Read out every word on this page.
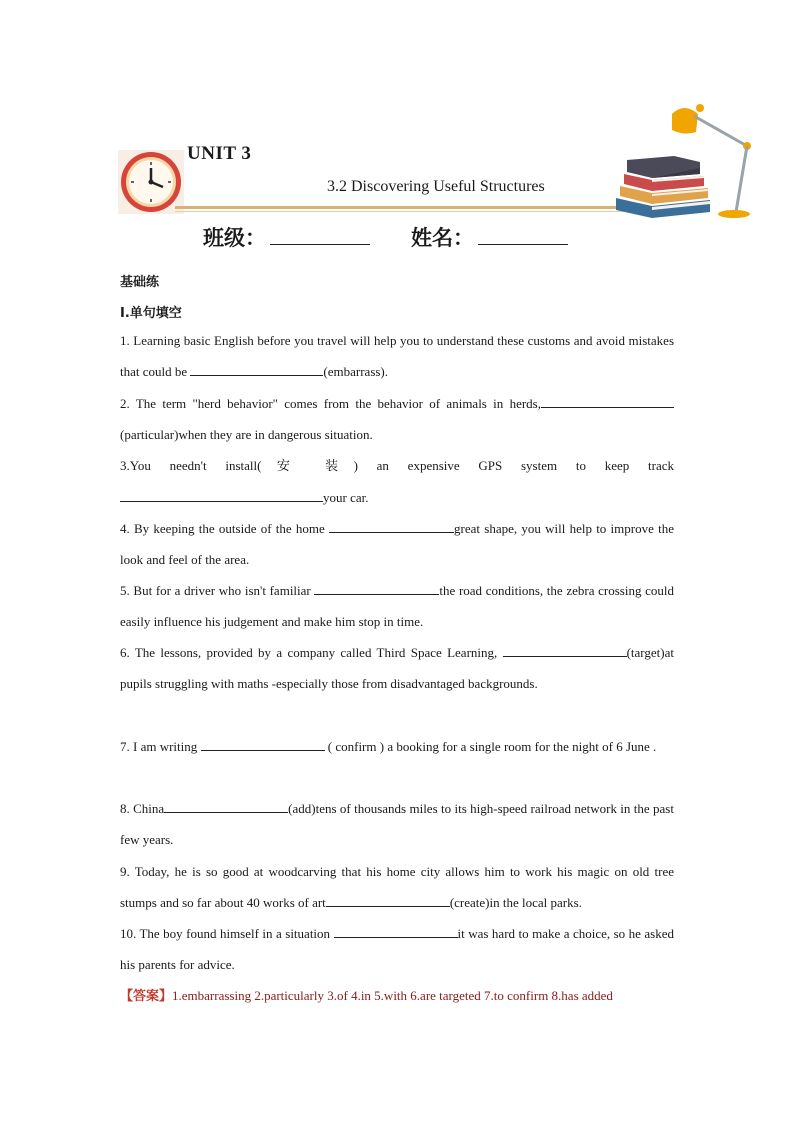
UNIT 3
3.2 Discovering Useful Structures
班级：	姓名：
基础练
Ⅰ.单句填空
1. Learning basic English before you travel will help you to understand these customs and avoid mistakes that could be	(embarrass).
2. The term "herd behavior" comes from the behavior of animals in herds,(particular)when they are in dangerous situation.
3.You needn't install(安 装) an expensive GPS system to keep track your car.
4. By keeping the outside of the home	great shape, you will help to improve the look and feel of the area.
5. But for a driver who isn't familiar	the road conditions, the zebra crossing could easily influence his judgement and make him stop in time.
6. The lessons, provided by a company called Third Space Learning,	(target)at pupils struggling with maths -especially those from disadvantaged backgrounds.
7. I am writing	( confirm ) a booking for a single room for the night of 6 June .
8. China	(add)tens of thousands miles to its high-speed railroad network in the past few years.
9. Today, he is so good at woodcarving that his home city allows him to work his magic on old tree stumps and so far about 40 works of art	(create)in the local parks.
10. The boy found himself in a situation	it was hard to make a choice, so he asked his parents for advice.
【答案】1.embarrassing 2.particularly 3.of 4.in 5.with 6.are targeted 7.to confirm 8.has added
